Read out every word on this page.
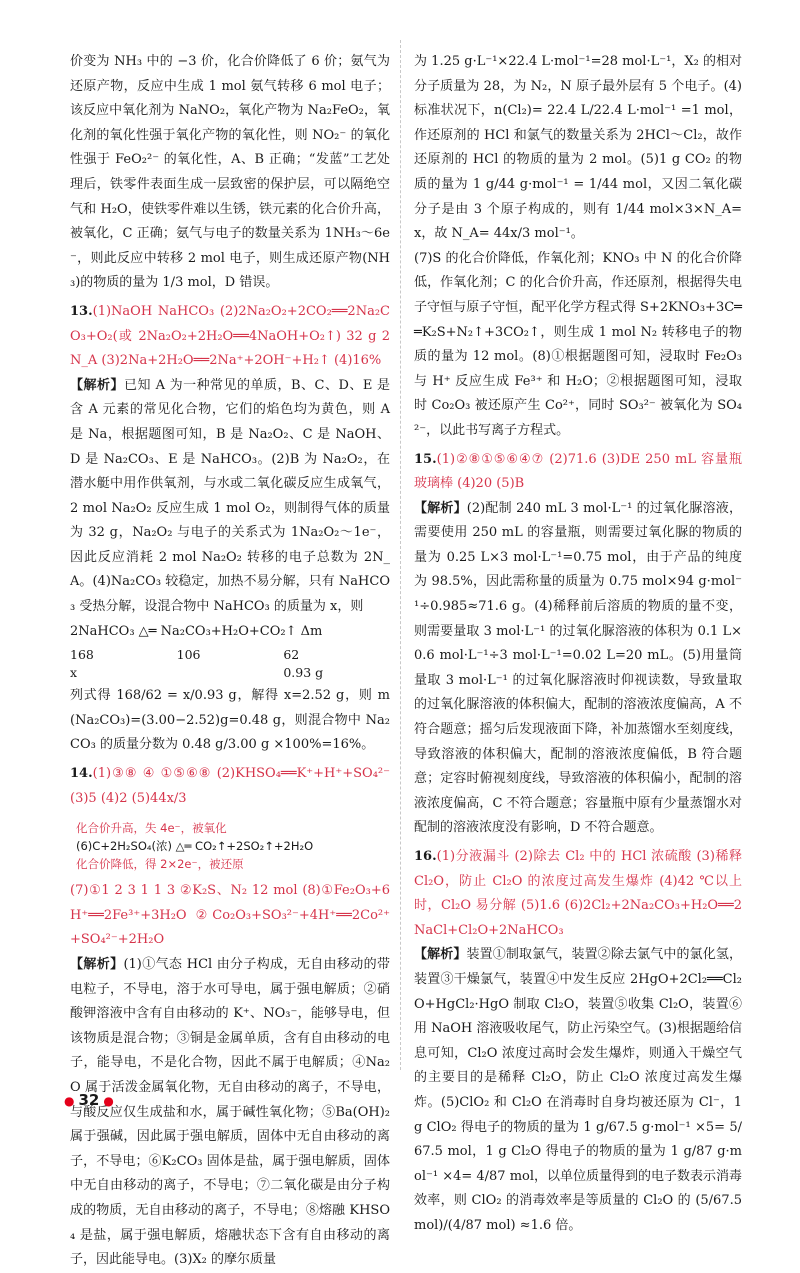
价变为 NH₃ 中的 −3 价，化合价降低了 6 价；氨气为还原产物，反应中生成 1 mol 氨气转移 6 mol 电子；该反应中氧化剂为 NaNO₂，氧化产物为 Na₂FeO₂，氧化剂的氧化性强于氧化产物的氧化性，则 NO₂⁻ 的氧化性强于 FeO₂²⁻ 的氧化性，A、B 正确；“发蓝”工艺处理后，铁零件表面生成一层致密的保护层，可以隔绝空气和 H₂O，使铁零件难以生锈，铁元素的化合价升高，被氧化，C 正确；氨气与电子的数量关系为 1NH₃～6e⁻，则此反应中转移 2 mol 电子，则生成还原产物(NH₃)的物质的量为 1/3 mol，D 错误。

13.(1)NaOH NaHCO₃ (2)2Na₂O₂+2CO₂══2Na₂CO₃+O₂(或 2Na₂O₂+2H₂O══4NaOH+O₂↑) 32 g 2N_A (3)2Na+2H₂O══2Na⁺+2OH⁻+H₂↑ (4)16%

【解析】已知 A 为一种常见的单质，B、C、D、E 是含 A 元素的常见化合物，它们的焰色均为黄色，则 A 是 Na，根据题图可知，B 是 Na₂O₂、C 是 NaOH、D 是 Na₂CO₃、E 是 NaHCO₃。(2)B 为 Na₂O₂，在潜水艇中用作供氧剂，与水或二氧化碳反应生成氧气，2 mol Na₂O₂ 反应生成 1 mol O₂，则制得气体的质量为 32 g，Na₂O₂ 与电子的关系式为 1Na₂O₂～1e⁻，因此反应消耗 2 mol Na₂O₂ 转移的电子总数为 2N_A。(4)Na₂CO₃ 较稳定，加热不易分解，只有 NaHCO₃ 受热分解，设混合物中 NaHCO₃ 的质量为 x，则

2NaHCO₃ △═ Na₂CO₃+H₂O+CO₂↑ Δm

168	106	62
x	0.93 g

列式得 168/62 = x/0.93 g，解得 x=2.52 g，则 m(Na₂CO₃)=(3.00−2.52)g=0.48 g，则混合物中 Na₂CO₃ 的质量分数为 0.48 g/3.00 g ×100%=16%。

14.(1)③⑧ ④ ①⑤⑥⑧ (2)KHSO₄══K⁺+H⁺+SO₄²⁻ (3)5 (4)2 (5)44x/3

化合价升高，失 4e⁻，被氧化
(6)C+2H₂SO₄(浓) △═ CO₂↑+2SO₂↑+2H₂O
化合价降低，得 2×2e⁻，被还原

(7)①1 2 3 1 1 3 ②K₂S、N₂ 12 mol (8)①Fe₂O₃+6H⁺══2Fe³⁺+3H₂O ②Co₂O₃+SO₃²⁻+4H⁺══2Co²⁺+SO₄²⁻+2H₂O

【解析】(1)①气态 HCl 由分子构成，无自由移动的带电粒子，不导电，溶于水可导电，属于强电解质；②硝酸钾溶液中含有自由移动的 K⁺、NO₃⁻，能够导电，但该物质是混合物；③铜是金属单质，含有自由移动的电子，能导电，不是化合物，因此不属于电解质；④Na₂O 属于活泼金属氧化物，无自由移动的离子，不导电，与酸反应仅生成盐和水，属于碱性氧化物；⑤Ba(OH)₂ 属于强碱，因此属于强电解质，固体中无自由移动的离子，不导电；⑥K₂CO₃ 固体是盐，属于强电解质，固体中无自由移动的离子，不导电；⑦二氧化碳是由分子构成的物质，无自由移动的离子，不导电；⑧熔融 KHSO₄ 是盐，属于强电解质，熔融状态下含有自由移动的离子，因此能导电。(3)X₂ 的摩尔质量

为 1.25 g·L⁻¹×22.4 L·mol⁻¹=28 mol·L⁻¹，X₂ 的相对分子质量为 28，为 N₂，N 原子最外层有 5 个电子。(4)标准状况下，n(Cl₂)= 22.4 L/22.4 L·mol⁻¹ =1 mol，作还原剂的 HCl 和氯气的数量关系为 2HCl～Cl₂，故作还原剂的 HCl 的物质的量为 2 mol。(5)1 g CO₂ 的物质的量为 1 g/44 g·mol⁻¹ = 1/44 mol，又因二氧化碳分子是由 3 个原子构成的，则有 1/44 mol×3×N_A=x，故 N_A= 44x/3 mol⁻¹。

(7)S 的化合价降低，作氧化剂；KNO₃ 中 N 的化合价降低，作氧化剂；C 的化合价升高，作还原剂，根据得失电子守恒与原子守恒，配平化学方程式得 S+2KNO₃+3C══K₂S+N₂↑+3CO₂↑，则生成 1 mol N₂ 转移电子的物质的量为 12 mol。(8)①根据题图可知，浸取时 Fe₂O₃ 与 H⁺ 反应生成 Fe³⁺ 和 H₂O；②根据题图可知，浸取时 Co₂O₃ 被还原产生 Co²⁺，同时 SO₃²⁻ 被氧化为 SO₄²⁻，以此书写离子方程式。

15.(1)②⑧①⑤⑥④⑦ (2)71.6 (3)DE 250 mL 容量瓶 玻璃棒 (4)20 (5)B

【解析】(2)配制 240 mL 3 mol·L⁻¹ 的过氧化脲溶液，需要使用 250 mL 的容量瓶，则需要过氧化脲的物质的量为 0.25 L×3 mol·L⁻¹=0.75 mol，由于产品的纯度为 98.5%，因此需称量的质量为 0.75 mol×94 g·mol⁻¹÷0.985≈71.6 g。(4)稀释前后溶质的物质的量不变，则需要量取 3 mol·L⁻¹ 的过氧化脲溶液的体积为 0.1 L×0.6 mol·L⁻¹÷3 mol·L⁻¹=0.02 L=20 mL。(5)用量筒量取 3 mol·L⁻¹ 的过氧化脲溶液时仰视读数，导致量取的过氧化脲溶液的体积偏大，配制的溶液浓度偏高，A 不符合题意；摇匀后发现液面下降，补加蒸馏水至刻度线，导致溶液的体积偏大，配制的溶液浓度偏低，B 符合题意；定容时俯视刻度线，导致溶液的体积偏小，配制的溶液浓度偏高，C 不符合题意；容量瓶中原有少量蒸馏水对配制的溶液浓度没有影响，D 不符合题意。

16.(1)分液漏斗 (2)除去 Cl₂ 中的 HCl 浓硫酸 (3)稀释 Cl₂O，防止 Cl₂O 的浓度过高发生爆炸 (4)42 ℃以上时，Cl₂O 易分解 (5)1.6 (6)2Cl₂+2Na₂CO₃+H₂O══2NaCl+Cl₂O+2NaHCO₃

【解析】装置①制取氯气，装置②除去氯气中的氯化氢，装置③干燥氯气，装置④中发生反应 2HgO+2Cl₂══Cl₂O+HgCl₂·HgO 制取 Cl₂O，装置⑤收集 Cl₂O，装置⑥用 NaOH 溶液吸收尾气，防止污染空气。(3)根据题给信息可知，Cl₂O 浓度过高时会发生爆炸，则通入干燥空气的主要目的是稀释 Cl₂O，防止 Cl₂O 浓度过高发生爆炸。(5)ClO₂ 和 Cl₂O 在消毒时自身均被还原为 Cl⁻，1 g ClO₂ 得电子的物质的量为 1 g/67.5 g·mol⁻¹ ×5= 5/67.5 mol，1 g Cl₂O 得电子的物质的量为 1 g/87 g·mol⁻¹ ×4= 4/87 mol，以单位质量得到的电子数表示消毒效率，则 ClO₂ 的消毒效率是等质量的 Cl₂O 的 (5/67.5 mol)/(4/87 mol) ≈1.6 倍。

● 32 ●
